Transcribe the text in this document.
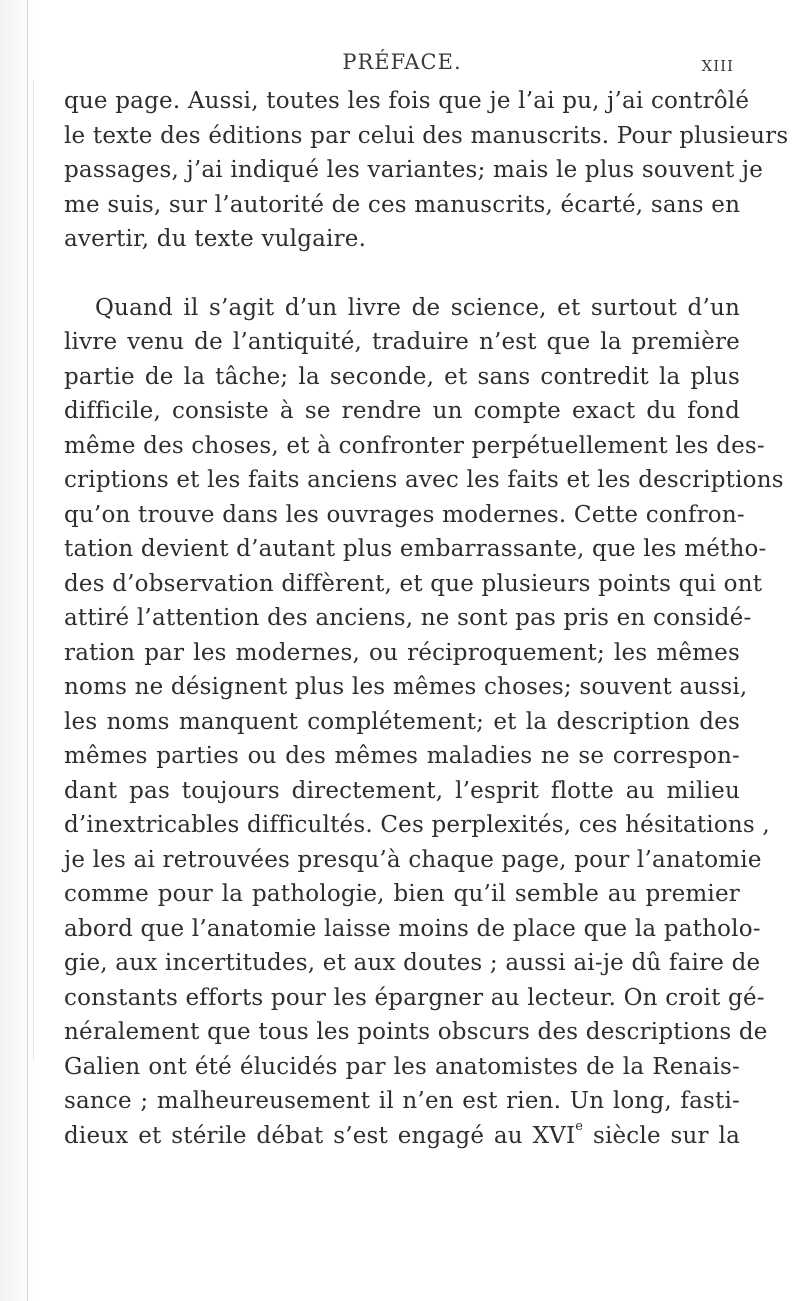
PRÉFACE.	XIII
que page. Aussi, toutes les fois que je l’ai pu, j’ai contrôlé
le texte des éditions par celui des manuscrits. Pour plusieurs
passages, j’ai indiqué les variantes; mais le plus souvent je
me suis, sur l’autorité de ces manuscrits, écarté, sans en
avertir, du texte vulgaire.
Quand il s’agit d’un livre de science, et surtout d’un
livre venu de l’antiquité, traduire n’est que la première
partie de la tâche; la seconde, et sans contredit la plus
difficile, consiste à se rendre un compte exact du fond
même des choses, et à confronter perpétuellement les des-
criptions et les faits anciens avec les faits et les descriptions
qu’on trouve dans les ouvrages modernes. Cette confron-
tation devient d’autant plus embarrassante, que les métho-
des d’observation diffèrent, et que plusieurs points qui ont
attiré l’attention des anciens, ne sont pas pris en considé-
ration par les modernes, ou réciproquement; les mêmes
noms ne désignent plus les mêmes choses; souvent aussi,
les noms manquent complétement; et la description des
mêmes parties ou des mêmes maladies ne se correspon-
dant pas toujours directement, l’esprit flotte au milieu
d’inextricables difficultés. Ces perplexités, ces hésitations ,
je les ai retrouvées presqu’à chaque page, pour l’anatomie
comme pour la pathologie, bien qu’il semble au premier
abord que l’anatomie laisse moins de place que la patholo-
gie, aux incertitudes, et aux doutes ; aussi ai-je dû faire de
constants efforts pour les épargner au lecteur. On croit gé-
néralement que tous les points obscurs des descriptions de
Galien ont été élucidés par les anatomistes de la Renais-
sance ; malheureusement il n’en est rien. Un long, fasti-
dieux et stérile débat s’est engagé au XVIe siècle sur la
